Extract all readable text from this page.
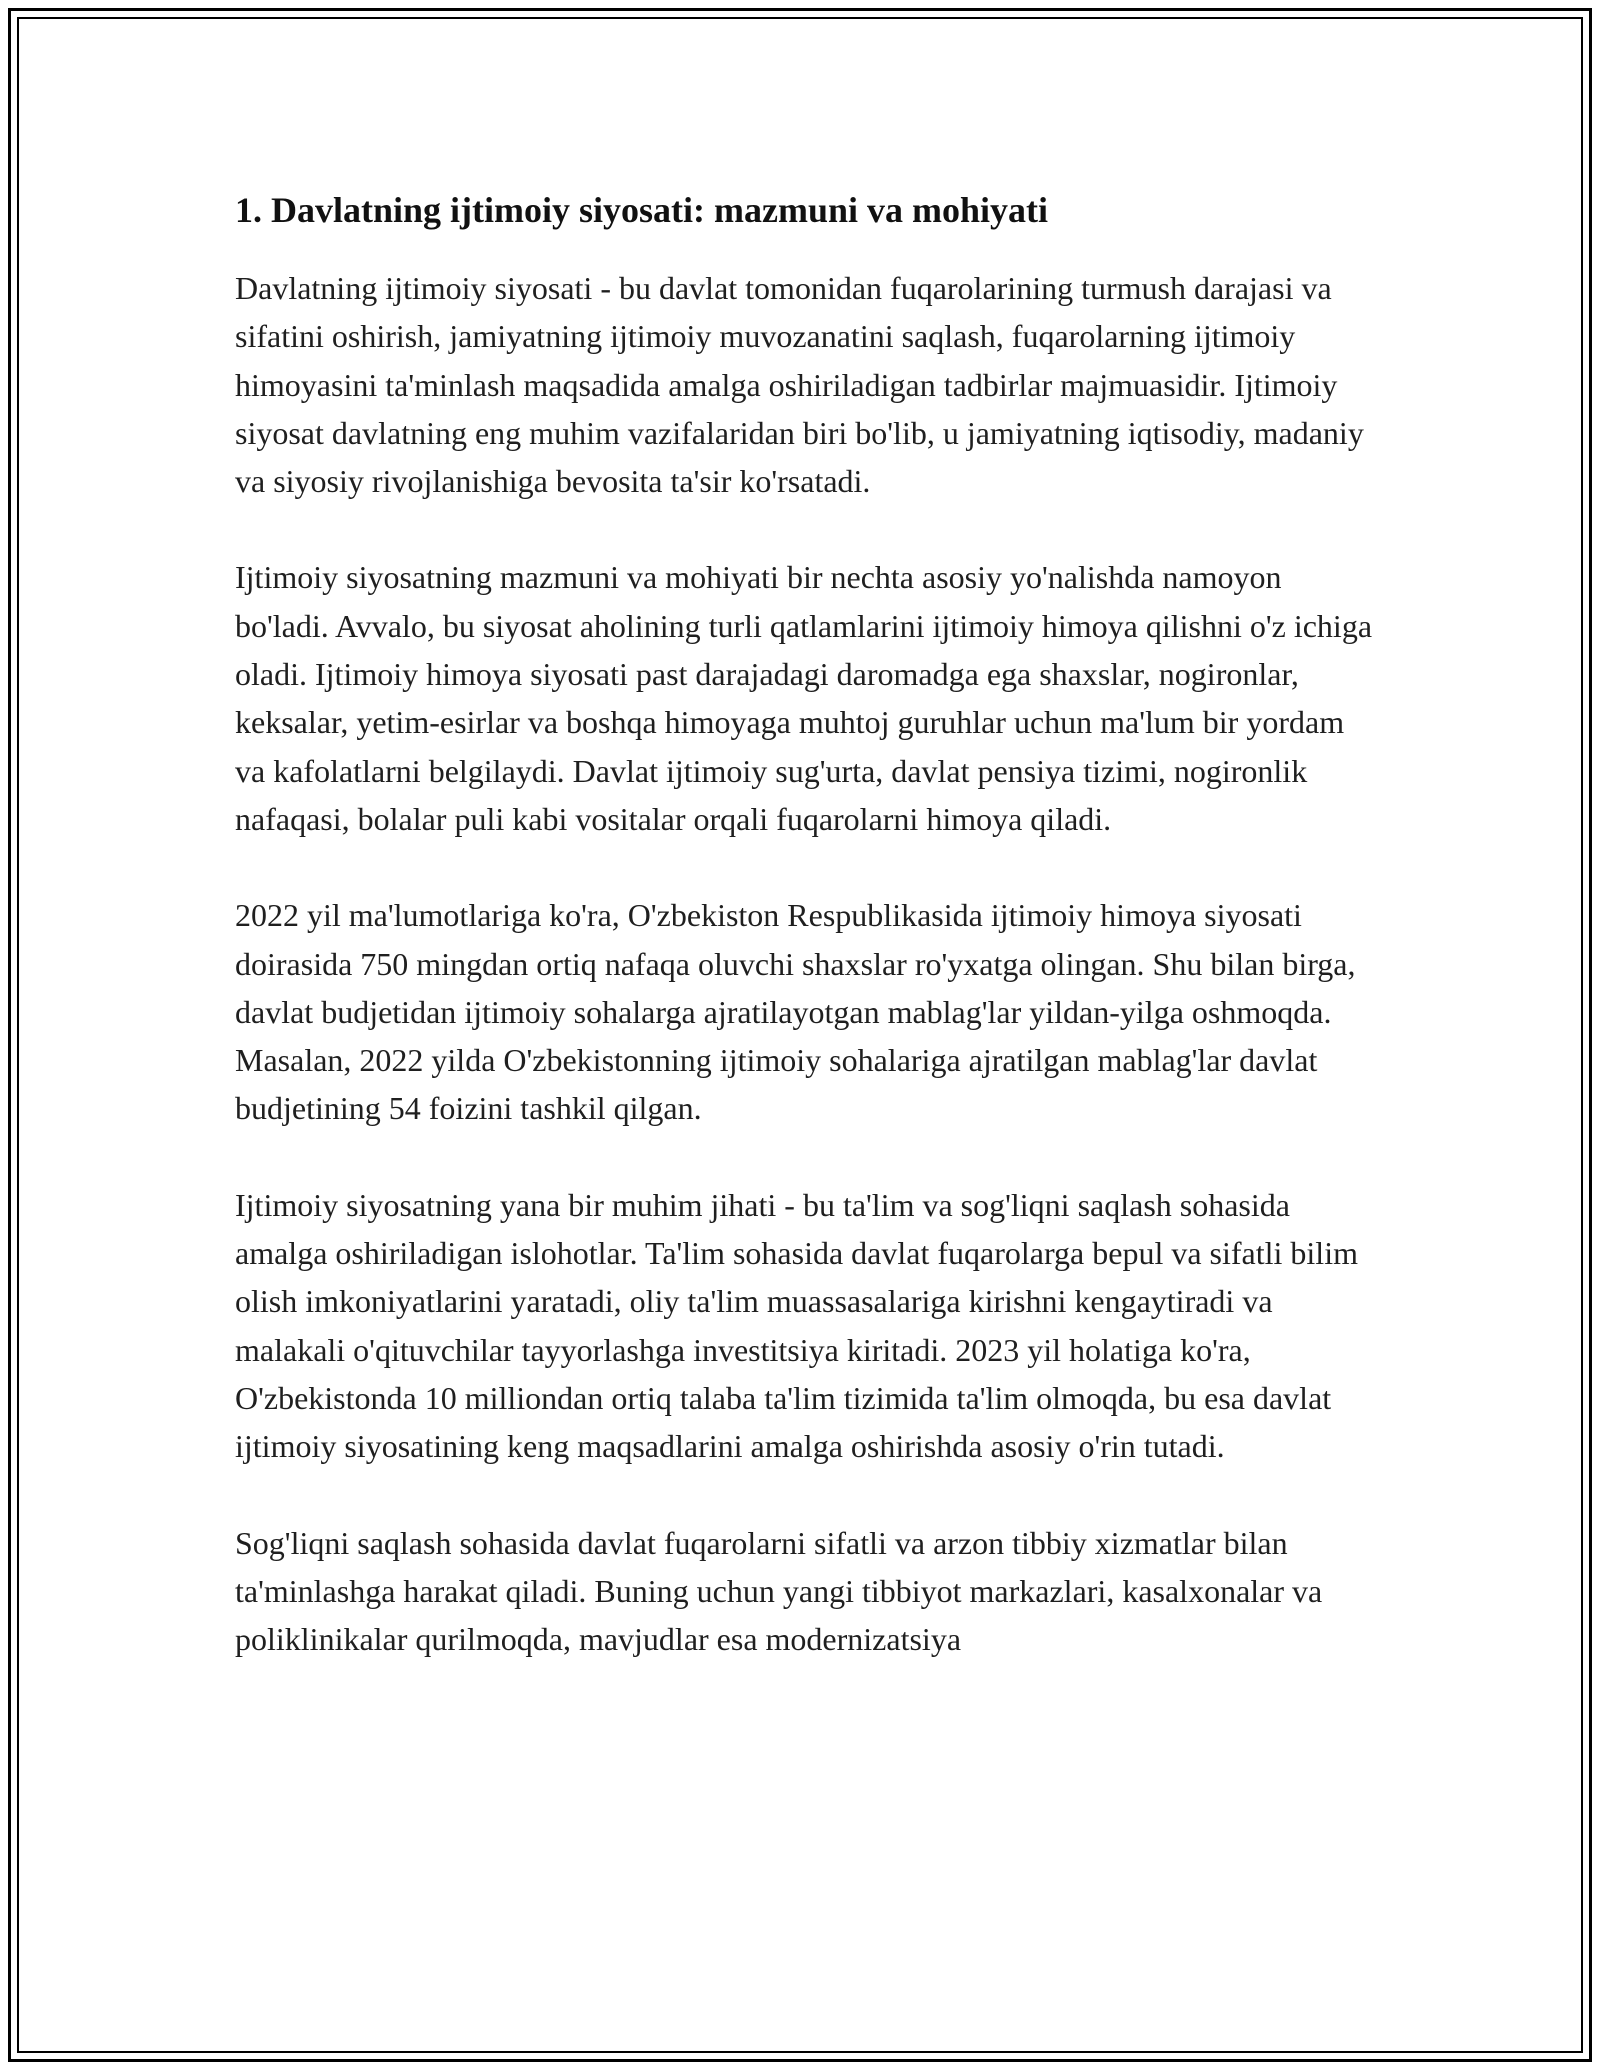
1. Davlatning ijtimoiy siyosati: mazmuni va mohiyati

Davlatning ijtimoiy siyosati - bu davlat tomonidan fuqarolarining turmush darajasi va sifatini oshirish, jamiyatning ijtimoiy muvozanatini saqlash, fuqarolarning ijtimoiy himoyasini ta'minlash maqsadida amalga oshiriladigan tadbirlar majmuasidir. Ijtimoiy siyosat davlatning eng muhim vazifalaridan biri bo'lib, u jamiyatning iqtisodiy, madaniy va siyosiy rivojlanishiga bevosita ta'sir ko'rsatadi.

Ijtimoiy siyosatning mazmuni va mohiyati bir nechta asosiy yo'nalishda namoyon bo'ladi. Avvalo, bu siyosat aholining turli qatlamlarini ijtimoiy himoya qilishni o'z ichiga oladi. Ijtimoiy himoya siyosati past darajadagi daromadga ega shaxslar, nogironlar, keksalar, yetim-esirlar va boshqa himoyaga muhtoj guruhlar uchun ma'lum bir yordam va kafolatlarni belgilaydi. Davlat ijtimoiy sug'urta, davlat pensiya tizimi, nogironlik nafaqasi, bolalar puli kabi vositalar orqali fuqarolarni himoya qiladi.

2022 yil ma'lumotlariga ko'ra, O'zbekiston Respublikasida ijtimoiy himoya siyosati doirasida 750 mingdan ortiq nafaqa oluvchi shaxslar ro'yxatga olingan. Shu bilan birga, davlat budjetidan ijtimoiy sohalarga ajratilayotgan mablag'lar yildan-yilga oshmoqda. Masalan, 2022 yilda O'zbekistonning ijtimoiy sohalariga ajratilgan mablag'lar davlat budjetining 54 foizini tashkil qilgan.

Ijtimoiy siyosatning yana bir muhim jihati - bu ta'lim va sog'liqni saqlash sohasida amalga oshiriladigan islohotlar. Ta'lim sohasida davlat fuqarolarga bepul va sifatli bilim olish imkoniyatlarini yaratadi, oliy ta'lim muassasalariga kirishni kengaytiradi va malakali o'qituvchilar tayyorlashga investitsiya kiritadi. 2023 yil holatiga ko'ra, O'zbekistonda 10 milliondan ortiq talaba ta'lim tizimida ta'lim olmoqda, bu esa davlat ijtimoiy siyosatining keng maqsadlarini amalga oshirishda asosiy o'rin tutadi.

Sog'liqni saqlash sohasida davlat fuqarolarni sifatli va arzon tibbiy xizmatlar bilan ta'minlashga harakat qiladi. Buning uchun yangi tibbiyot markazlari, kasalxonalar va poliklinikalar qurilmoqda, mavjudlar esa modernizatsiya
